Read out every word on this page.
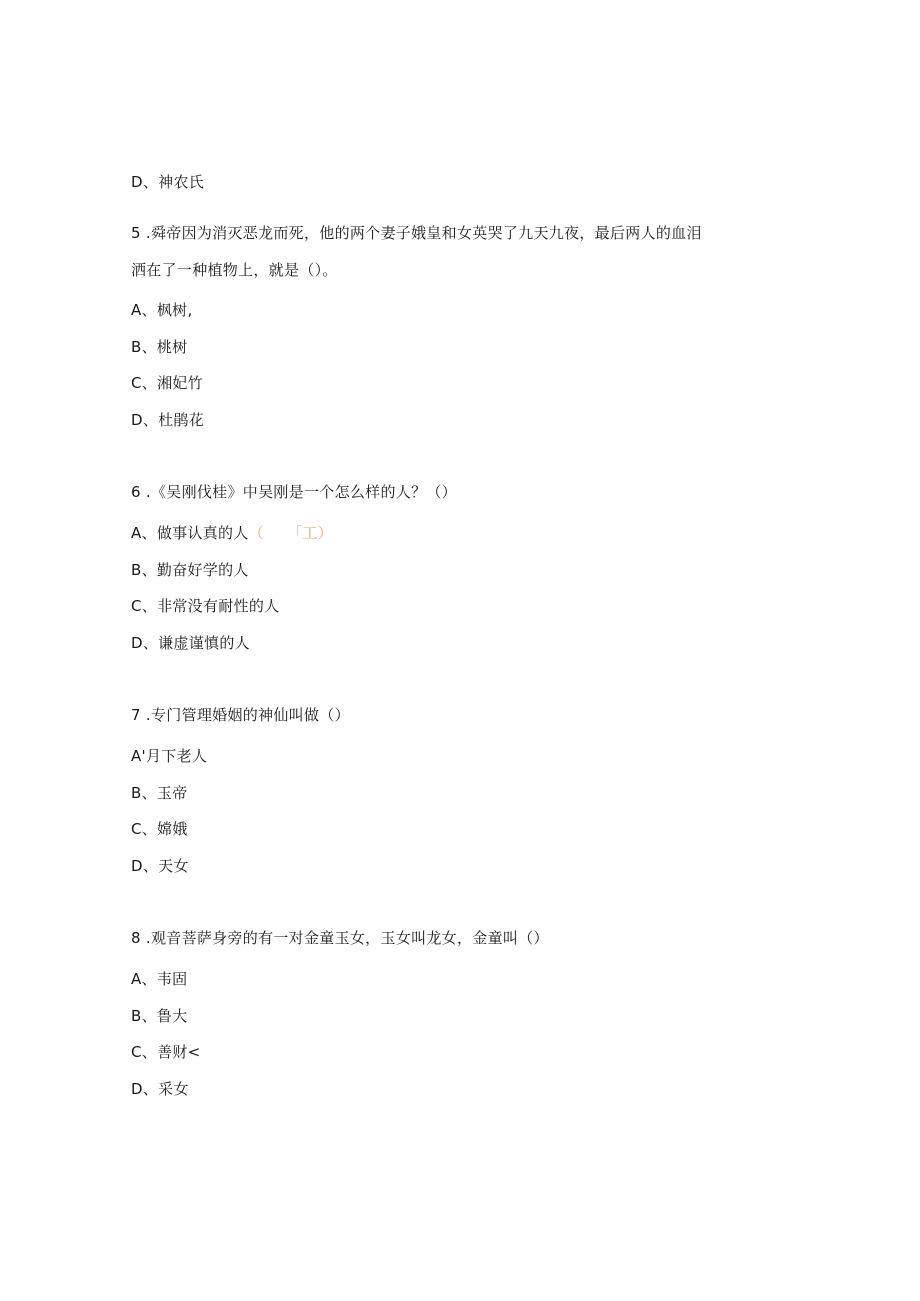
D、神农氏
5 .舜帝因为消灭恶龙而死，他的两个妻子娥皇和女英哭了九天九夜，最后两人的血泪
洒在了一种植物上，就是（）。
A、枫树,
B、桃树
C、湘妃竹
D、杜鹃花
6 .《吴刚伐桂》中吴刚是一个怎么样的人？（）
A、做事认真的人（　　「工）
B、勤奋好学的人
C、非常没有耐性的人
D、谦虚谨慎的人
7 .专门管理婚姻的神仙叫做（）
A'月下老人
B、玉帝
C、嫦娥
D、天女
8 .观音菩萨身旁的有一对金童玉女，玉女叫龙女，金童叫（）
A、韦固
B、鲁大
C、善财<
D、采女
